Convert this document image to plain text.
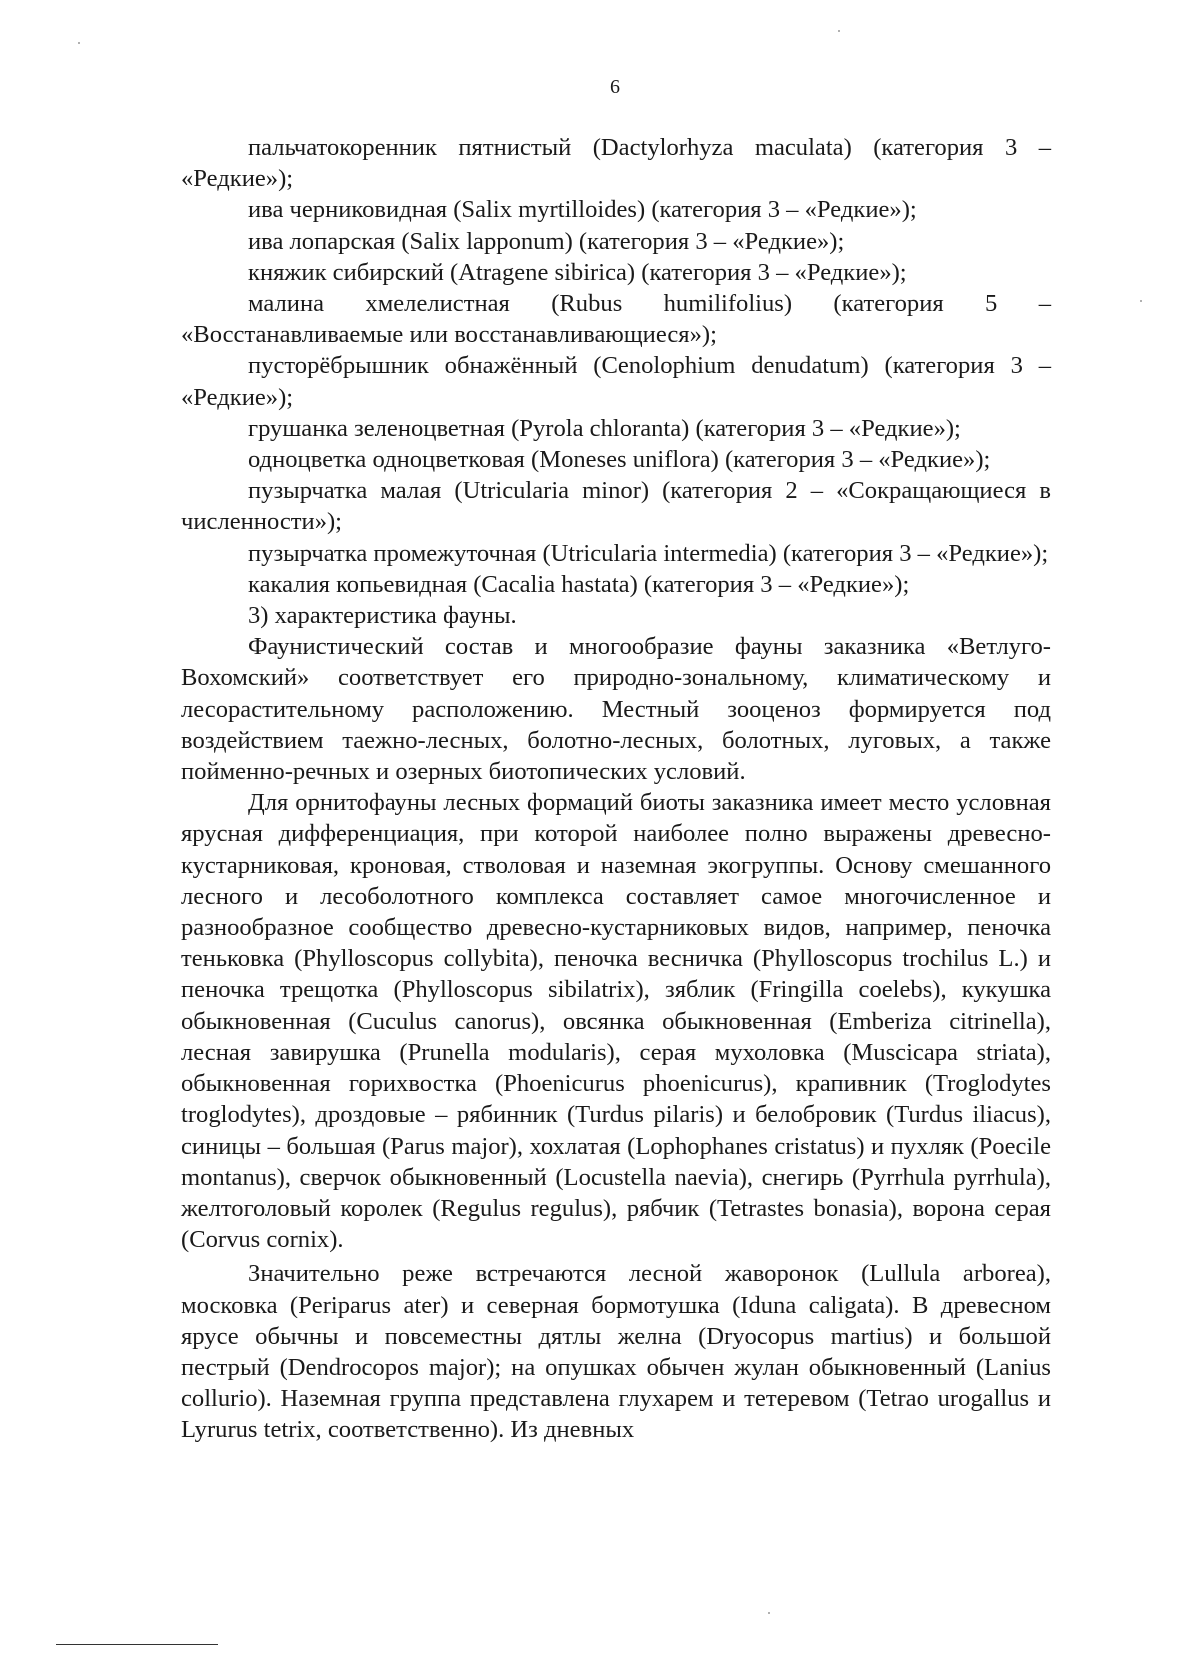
6

пальчатокоренник пятнистый (Dactylorhyza maculata) (категория 3 – «Редкие»);

ива черниковидная (Salix myrtilloides) (категория 3 – «Редкие»);

ива лопарская (Salix lapponum) (категория 3 – «Редкие»);

княжик сибирский (Atragene sibirica) (категория 3 – «Редкие»);

малина хмелелистная (Rubus humilifolius) (категория 5 – «Восстанавливаемые или восстанавливающиеся»);

пусторёбрышник обнажённый (Cenolophium denudatum) (категория 3 – «Редкие»);

грушанка зеленоцветная (Pyrola chloranta) (категория 3 – «Редкие»);

одноцветка одноцветковая (Moneses uniflora) (категория 3 – «Редкие»);

пузырчатка малая (Utricularia minor) (категория 2 – «Сокращающиеся в численности»);

пузырчатка промежуточная (Utricularia intermedia) (категория 3 – «Редкие»);

какалия копьевидная (Cacalia hastata) (категория 3 – «Редкие»);

3) характеристика фауны.

Фаунистический состав и многообразие фауны заказника «Ветлуго-Вохомский» соответствует его природно-зональному, климатическому и лесорастительному расположению. Местный зооценоз формируется под воздействием таежно-лесных, болотно-лесных, болотных, луговых, а также пойменно-речных и озерных биотопических условий.

Для орнитофауны лесных формаций биоты заказника имеет место условная ярусная дифференциация, при которой наиболее полно выражены древесно-кустарниковая, кроновая, стволовая и наземная экогруппы. Основу смешанного лесного и лесоболотного комплекса составляет самое многочисленное и разнообразное сообщество древесно-кустарниковых видов, например, пеночка теньковка (Phylloscopus collybita), пеночка весничка (Phylloscopus trochilus L.) и пеночка трещотка (Phylloscopus sibilatrix), зяблик (Fringilla coelebs), кукушка обыкновенная (Cuculus canorus), овсянка обыкновенная (Emberiza citrinella), лесная завирушка (Prunella modularis), серая мухоловка (Muscicapa striata), обыкновенная горихвостка (Phoenicurus phoenicurus), крапивник (Troglodytes troglodytes), дроздовые – рябинник (Turdus pilaris) и белобровик (Turdus iliacus), синицы – большая (Parus major), хохлатая (Lophophanes cristatus) и пухляк (Poecile montanus), сверчок обыкновенный (Locustella naevia), снегирь (Pyrrhula pyrrhula), желтоголовый королек (Regulus regulus), рябчик (Tetrastes bonasia), ворона серая (Corvus cornix).

Значительно реже встречаются лесной жаворонок (Lullula arborea), московка (Periparus ater) и северная бормотушка (Iduna caligata). В древесном ярусе обычны и повсеместны дятлы желна (Dryocopus martius) и большой пестрый (Dendrocopos major); на опушках обычен жулан обыкновенный (Lanius collurio). Наземная группа представлена глухарем и тетеревом (Tetrao urogallus и Lyrurus tetrix, соответственно). Из дневных
